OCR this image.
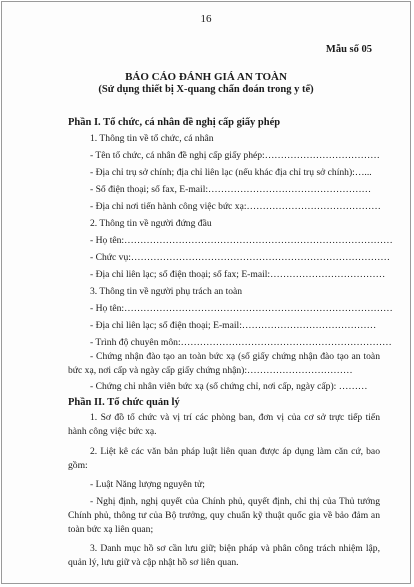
16
Mẫu số 05
BÁO CÁO ĐÁNH GIÁ AN TOÀN
(Sử dụng thiết bị X-quang chẩn đoán trong y tế)
Phần I. Tổ chức, cá nhân đề nghị cấp giấy phép
1. Thông tin về tổ chức, cá nhân
- Tên tổ chức, cá nhân đề nghị cấp giấy phép:………………………………
- Địa chỉ trụ sở chính; địa chỉ liên lạc (nếu khác địa chỉ trụ sở chính):…...
- Số điện thoại; số fax, E-mail:……………………………………………
- Địa chỉ nơi tiến hành công việc bức xạ:……………………………………
2. Thông tin về người đứng đầu
- Họ tên:…………………………………………………………………………
- Chức vụ:………………………………………………………………………
- Địa chỉ liên lạc; số điện thoại; số fax; E-mail:………………………………
3. Thông tin về người phụ trách an toàn
- Họ tên:…………………………………………………………………………
- Địa chỉ liên lạc; số điện thoại; E-mail:……………………………………
- Trình độ chuyên môn:…………………………………………………………
- Chứng nhận đào tạo an toàn bức xạ (số giấy chứng nhận đào tạo an toàn bức xạ, nơi cấp và ngày cấp giấy chứng nhận):……………………………
- Chứng chỉ nhân viên bức xạ (số chứng chỉ, nơi cấp, ngày cấp): ………
Phần II. Tổ chức quản lý
1. Sơ đồ tổ chức và vị trí các phòng ban, đơn vị của cơ sở trực tiếp tiến hành công việc bức xạ.
2. Liệt kê các văn bản pháp luật liên quan được áp dụng làm căn cứ, bao gồm:
- Luật Năng lượng nguyên tử;
- Nghị định, nghị quyết của Chính phủ, quyết định, chỉ thị của Thủ tướng Chính phủ, thông tư của Bộ trưởng, quy chuẩn kỹ thuật quốc gia về bảo đảm an toàn bức xạ liên quan;
3. Danh mục hồ sơ cần lưu giữ; biện pháp và phân công trách nhiệm lập, quản lý, lưu giữ và cập nhật hồ sơ liên quan.
